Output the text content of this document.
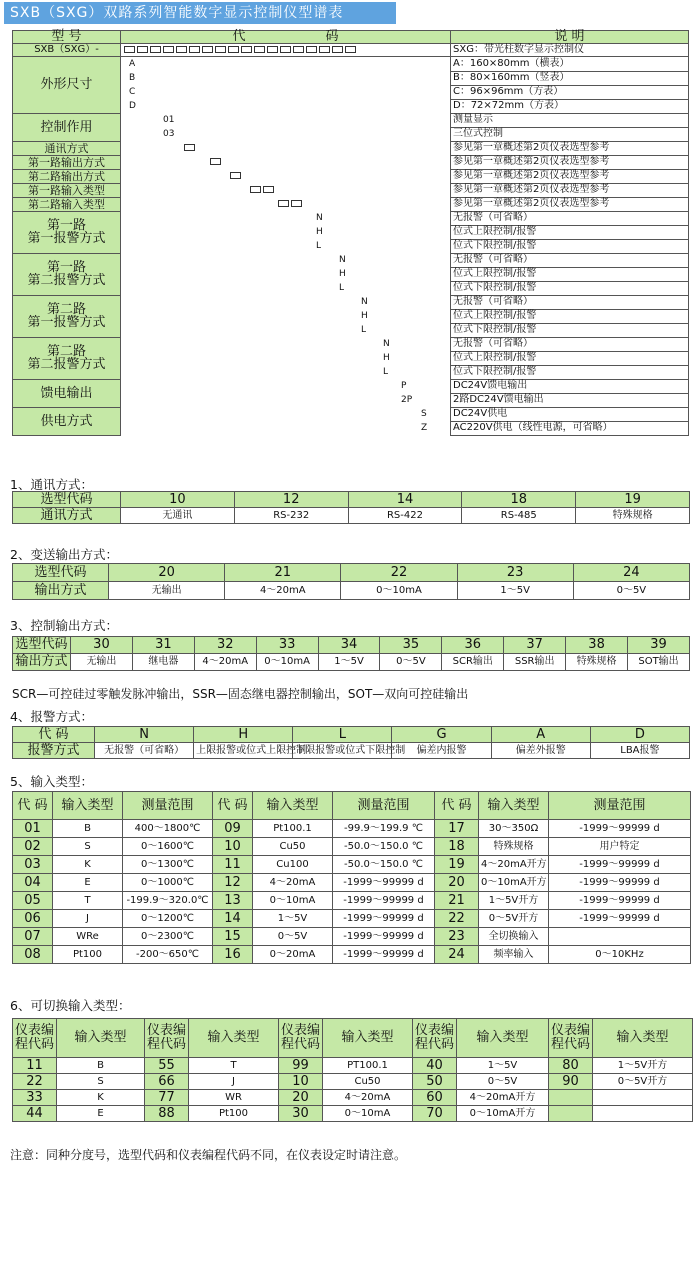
SXB（SXG）双路系列智能数字显示控制仪型谱表
型 号	代 码	说 明
SXB（SXG）-		SXG：带光柱数字显示控制仪
外形尺寸	A	A：160×80mm（横表）
	B	B：80×160mm（竖表）
	C	C：96×96mm（方表）
	D	D：72×72mm（方表）
控制作用	01	测量显示
	03	三位式控制
通讯方式		参见第一章概述第2页仪表选型参考
第一路输出方式		参见第一章概述第2页仪表选型参考
第二路输出方式		参见第一章概述第2页仪表选型参考
第一路输入类型		参见第一章概述第2页仪表选型参考
第二路输入类型		参见第一章概述第2页仪表选型参考
第一路
第一报警方式	N	无报警（可省略）
	H	位式上限控制/报警
	L	位式下限控制/报警
第一路
第二报警方式	N	无报警（可省略）
	H	位式上限控制/报警
	L	位式下限控制/报警
第二路
第一报警方式	N	无报警（可省略）
	H	位式上限控制/报警
	L	位式下限控制/报警
第二路
第二报警方式	N	无报警（可省略）
	H	位式上限控制/报警
	L	位式下限控制/报警
馈电输出	P	DC24V馈电输出
	2P	2路DC24V馈电输出
供电方式	S	DC24V供电
	Z	AC220V供电（线性电源，可省略）
1、通讯方式：
选型代码	10	12	14	18	19
通讯方式	无通讯	RS-232	RS-422	RS-485	特殊规格
2、变送输出方式：
选型代码	20	21	22	23	24
输出方式	无输出	4～20mA	0～10mA	1～5V	0～5V
3、控制输出方式：
选型代码	30	31	32	33	34	35	36	37	38	39
输出方式	无输出	继电器	4～20mA	0～10mA	1～5V	0～5V	SCR输出	SSR输出	特殊规格	SOT输出
SCR—可控硅过零触发脉冲输出，SSR—固态继电器控制输出，SOT—双向可控硅输出
4、报警方式：
代 码	N	H	L	G	A	D
报警方式	无报警（可省略）	上限报警或位式上限控制	下限报警或位式下限控制	偏差内报警	偏差外报警	LBA报警
5、输入类型：
代 码	输入类型	测量范围	代 码	输入类型	测量范围	代 码	输入类型	测量范围
01	B	400～1800℃	09	Pt100.1	-99.9～199.9 ℃	17	30～350Ω	-1999～99999 d
02	S	0～1600℃	10	Cu50	-50.0～150.0 ℃	18	特殊规格	用户特定
03	K	0～1300℃	11	Cu100	-50.0～150.0 ℃	19	4～20mA开方	-1999～99999 d
04	E	0～1000℃	12	4～20mA	-1999～99999 d	20	0～10mA开方	-1999～99999 d
05	T	-199.9～320.0℃	13	0～10mA	-1999～99999 d	21	1～5V开方	-1999～99999 d
06	J	0～1200℃	14	1～5V	-1999～99999 d	22	0～5V开方	-1999～99999 d
07	WRe	0～2300℃	15	0～5V	-1999～99999 d	23	全切换输入	
08	Pt100	-200～650℃	16	0～20mA	-1999～99999 d	24	频率输入	0～10KHz
6、可切换输入类型：
仪表编
程代码	输入类型	仪表编
程代码	输入类型	仪表编
程代码	输入类型	仪表编
程代码	输入类型	仪表编
程代码	输入类型
11	B	55	T	99	PT100.1	40	1～5V	80	1～5V开方
22	S	66	J	10	Cu50	50	0～5V	90	0～5V开方
33	K	77	WR	20	4～20mA	60	4～20mA开方		
44	E	88	Pt100	30	0～10mA	70	0～10mA开方		
注意：同种分度号，选型代码和仪表编程代码不同，在仪表设定时请注意。
